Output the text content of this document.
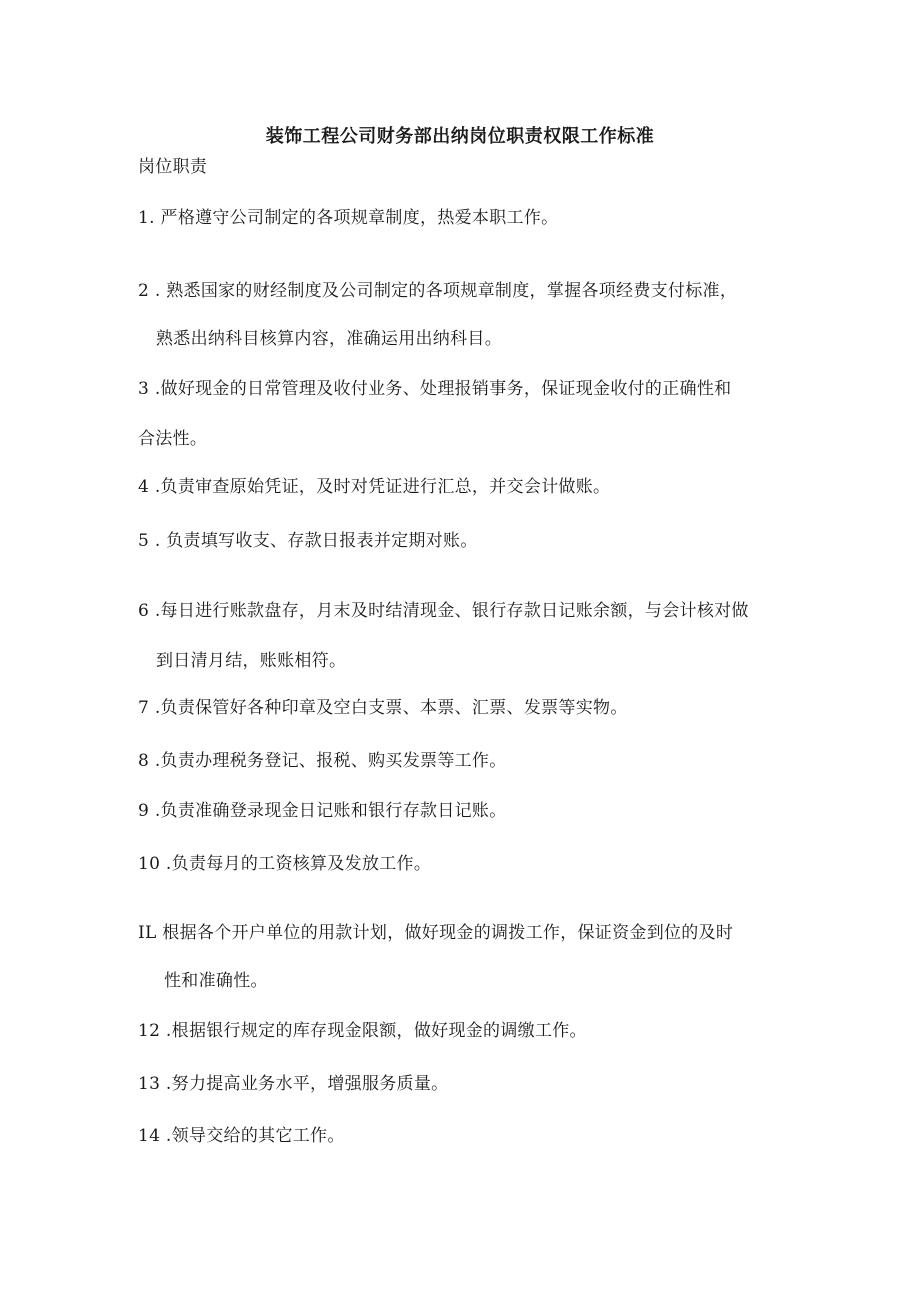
装饰工程公司财务部出纳岗位职责权限工作标准
岗位职责
1. 严格遵守公司制定的各项规章制度，热爱本职工作。
2 . 熟悉国家的财经制度及公司制定的各项规章制度，掌握各项经费支付标准，
熟悉出纳科目核算内容，准确运用出纳科目。
3 .做好现金的日常管理及收付业务、处理报销事务，保证现金收付的正确性和
合法性。
4 .负责审查原始凭证，及时对凭证进行汇总，并交会计做账。
5 . 负责填写收支、存款日报表并定期对账。
6 .每日进行账款盘存，月末及时结清现金、银行存款日记账余额，与会计核对做
到日清月结，账账相符。
7 .负责保管好各种印章及空白支票、本票、汇票、发票等实物。
8 .负责办理税务登记、报税、购买发票等工作。
9 .负责准确登录现金日记账和银行存款日记账。
10 .负责每月的工资核算及发放工作。
IL 根据各个开户单位的用款计划，做好现金的调拨工作，保证资金到位的及时
性和准确性。
12 .根据银行规定的库存现金限额，做好现金的调缴工作。
13 .努力提高业务水平，增强服务质量。
14 .领导交给的其它工作。
